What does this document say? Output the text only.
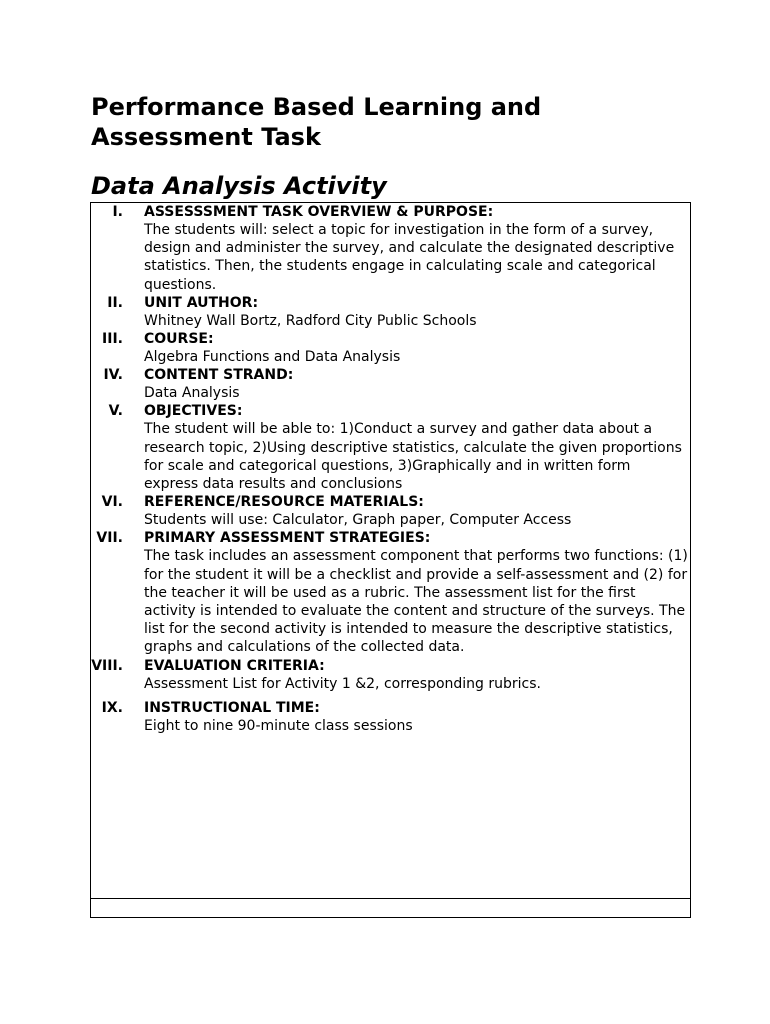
Performance Based Learning and Assessment Task
Data Analysis Activity
I. ASSESSSMENT TASK OVERVIEW & PURPOSE:
The students will: select a topic for investigation in the form of a survey, design and administer the survey, and calculate the designated descriptive statistics. Then, the students engage in calculating scale and categorical questions.
II. UNIT AUTHOR:
Whitney Wall Bortz, Radford City Public Schools
III. COURSE:
Algebra Functions and Data Analysis
IV. CONTENT STRAND:
Data Analysis
V. OBJECTIVES:
The student will be able to: 1)Conduct a survey and gather data about a research topic, 2)Using descriptive statistics, calculate the given proportions for scale and categorical questions, 3)Graphically and in written form express data results and conclusions
VI. REFERENCE/RESOURCE MATERIALS:
Students will use: Calculator, Graph paper, Computer Access
VII. PRIMARY ASSESSMENT STRATEGIES:
The task includes an assessment component that performs two functions: (1) for the student it will be a checklist and provide a self-assessment and (2) for the teacher it will be used as a rubric. The assessment list for the first activity is intended to evaluate the content and structure of the surveys. The list for the second activity is intended to measure the descriptive statistics, graphs and calculations of the collected data.
VIII. EVALUATION CRITERIA:
Assessment List for Activity 1 &2, corresponding rubrics.
IX. INSTRUCTIONAL TIME:
Eight to nine 90-minute class sessions
